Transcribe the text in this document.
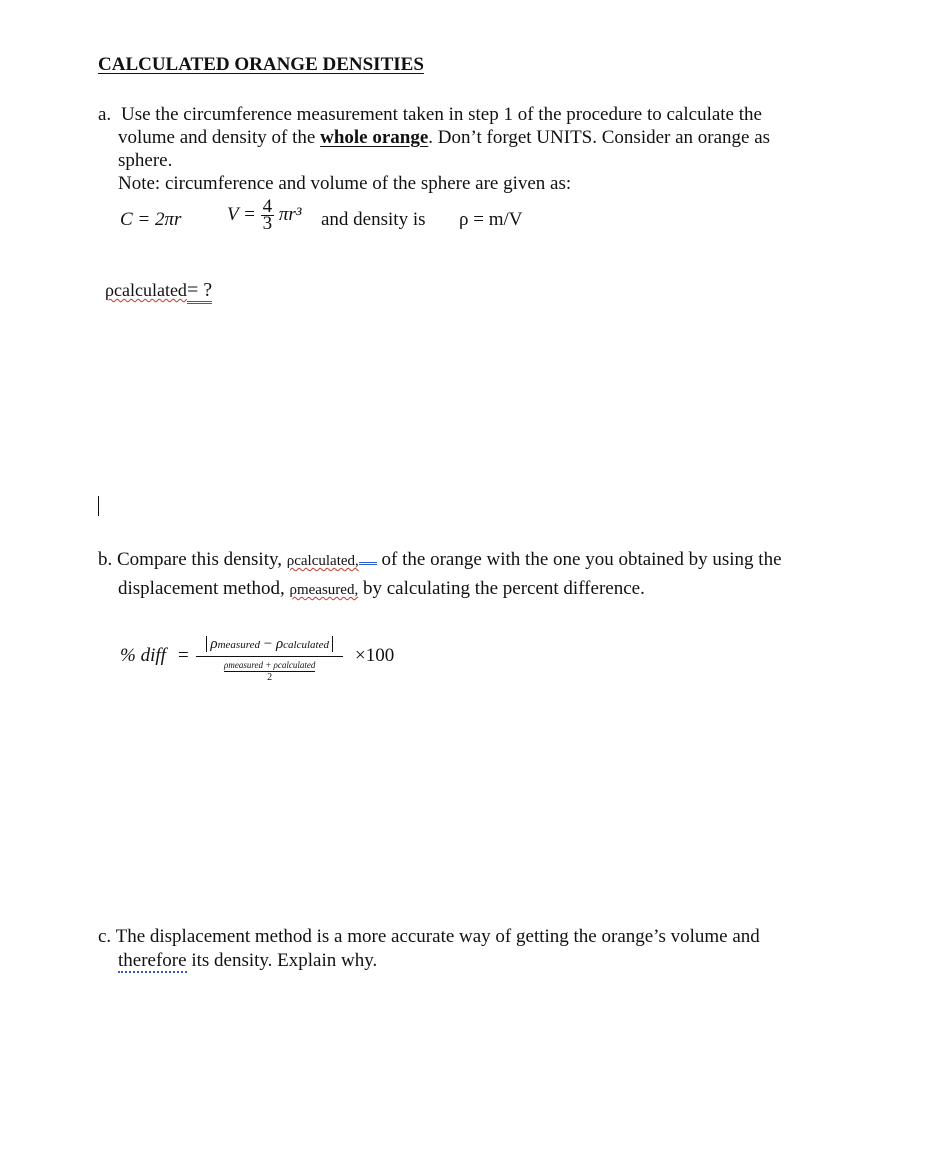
CALCULATED ORANGE DENSITIES
a. Use the circumference measurement taken in step 1 of the procedure to calculate the
volume and density of the whole orange. Don’t forget UNITS. Consider an orange as
sphere.
Note: circumference and volume of the sphere are given as:
C = 2πr $V = \frac{4}{3} \pi r^3$ and density is ρ = m/V
ρcalculated= ?
b. Compare this density, ρcalculated, of the orange with the one you obtained by using the
displacement method, ρmeasured, by calculating the percent difference.
% diff =
ρmeasured − ρcalculated
ρmeasured + ρcalculated
2
×100
c. The displacement method is a more accurate way of getting the orange’s volume and
therefore its density. Explain why.
